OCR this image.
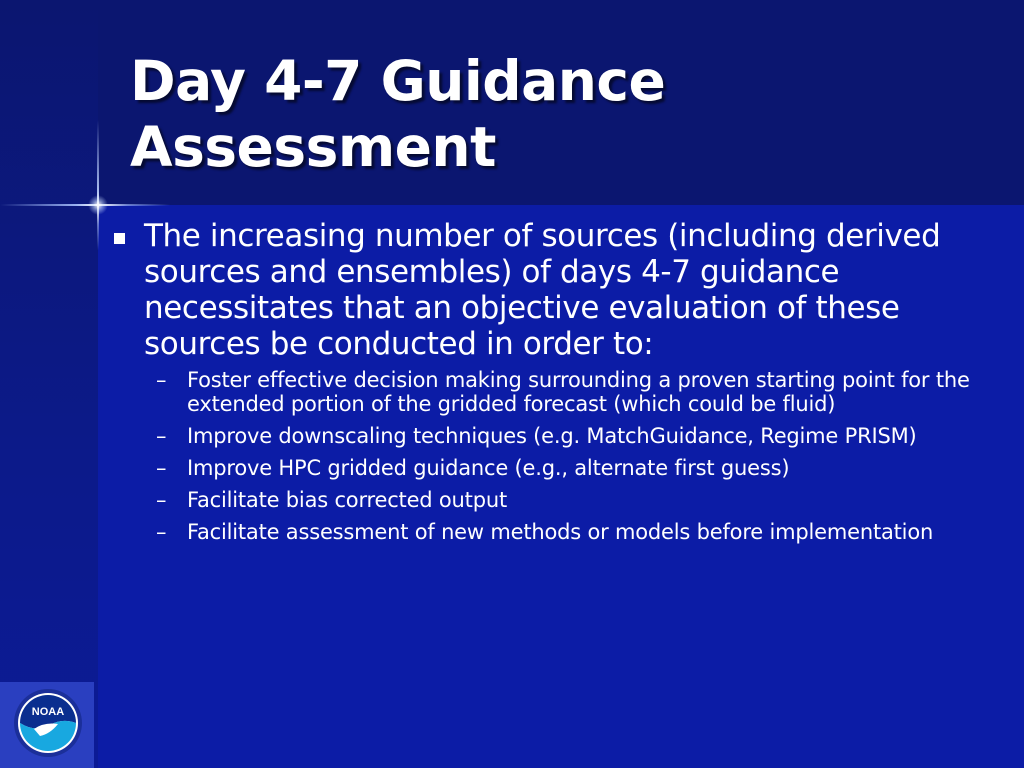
Day 4-7 Guidance Assessment
The increasing number of sources (including derived sources and ensembles) of days 4-7 guidance necessitates that an objective evaluation of these sources be conducted in order to:
– Foster effective decision making surrounding a proven starting point for the extended portion of the gridded forecast (which could be fluid)
– Improve downscaling techniques (e.g. MatchGuidance, Regime PRISM)
– Improve HPC gridded guidance (e.g., alternate first guess)
– Facilitate bias corrected output
– Facilitate assessment of new methods or models before implementation
NOAA
